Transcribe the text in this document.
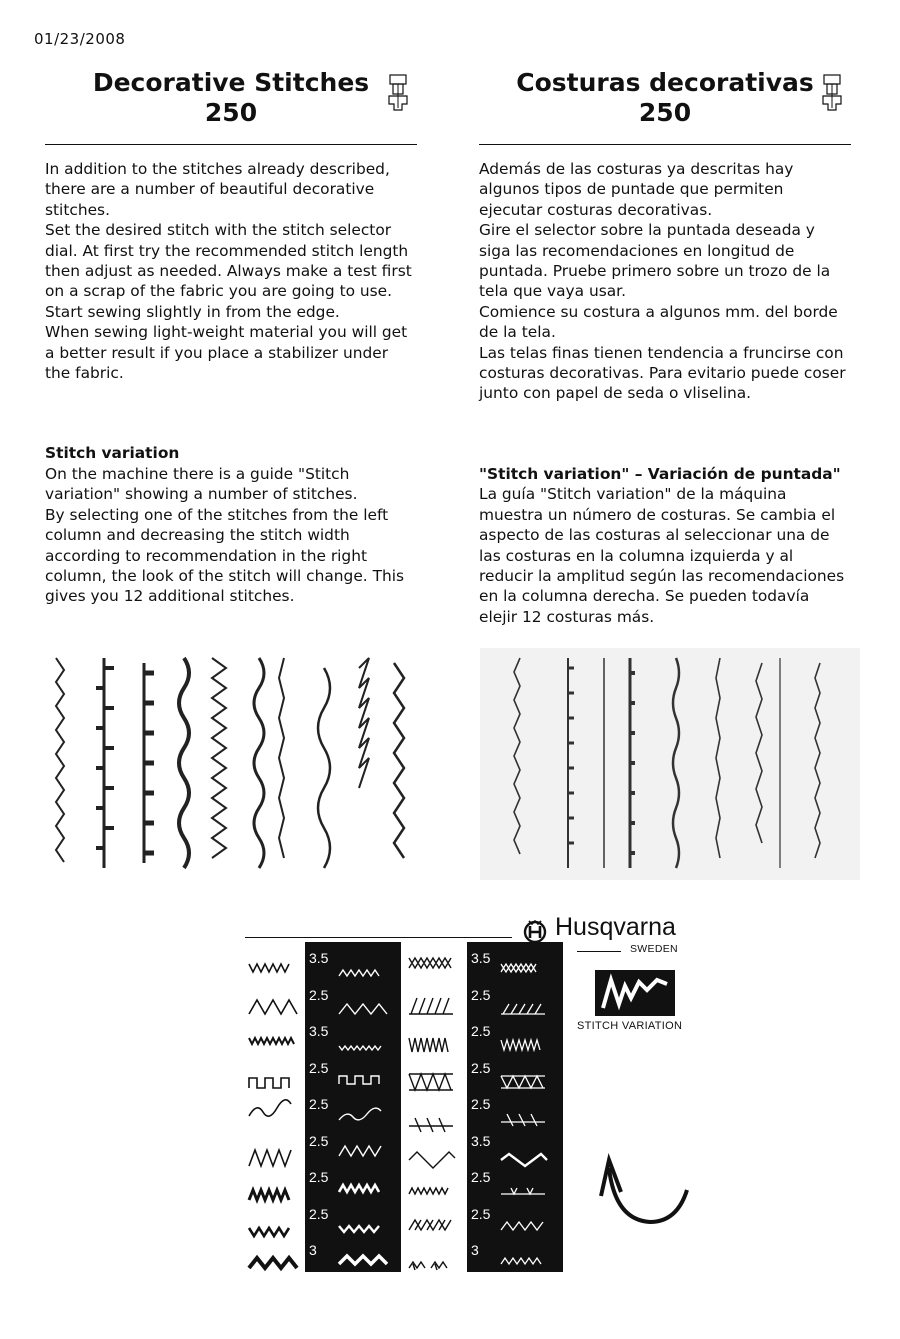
01/23/2008
Decorative Stitches
250

In addition to the stitches already described, there are a number of beautiful decorative stitches.
Set the desired stitch with the stitch selector dial. At first try the recommended stitch length then adjust as needed. Always make a test first on a scrap of the fabric you are going to use. Start sewing slightly in from the edge.
When sewing light-weight material you will get a better result if you place a stabilizer under the fabric.

Stitch variation

On the machine there is a guide "Stitch variation" showing a number of stitches.
By selecting one of the stitches from the left column and decreasing the stitch width according to recommendation in the right column, the look of the stitch will change. This gives you 12 additional stitches.

Costuras decorativas
250

Además de las costuras ya descritas hay algunos tipos de puntade que permiten ejecutar costuras decorativas.
Gire el selector sobre la puntada deseada y siga las recomendaciones en longitud de puntada. Pruebe primero sobre un trozo de la tela que vaya usar.
Comience su costura a algunos mm. del borde de la tela.
Las telas finas tienen tendencia a fruncirse con costuras decorativas. Para evitario puede coser junto con papel de seda o vliselina.

"Stitch variation" – Variación de puntada"

La guía "Stitch variation" de la máquina muestra un número de costuras. Se cambia el aspecto de las costuras al seleccionar una de las costuras en la columna izquierda y al reducir la amplitud según las recomendaciones en la columna derecha. Se pueden todavía elejir 12 costuras más.

Husqvarna
SWEDEN
STITCH VARIATION
3.5
2.5
3.5
2.5
2.5
2.5
2.5
2.5
3
3.5
2.5
2.5
2.5
2.5
3.5
2.5
2.5
3
